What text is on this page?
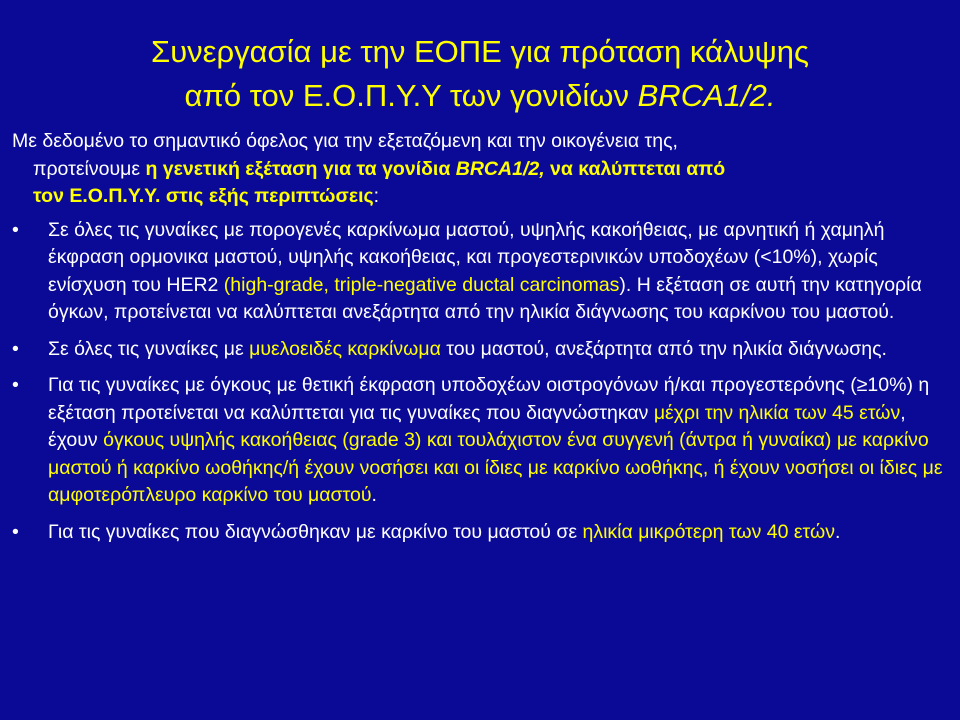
Συνεργασία με την ΕΟΠΕ για πρόταση κάλυψης
από τον Ε.Ο.Π.Υ.Υ των γονιδίων BRCA1/2.
Με δεδομένο το σημαντικό όφελος για την εξεταζόμενη και την οικογένεια της,
προτείνουμε η γενετική εξέταση για τα γονίδια BRCA1/2, να καλύπτεται από
τον Ε.Ο.Π.Υ.Υ. στις εξής περιπτώσεις:
•	Σε όλες τις γυναίκες με πορογενές καρκίνωμα μαστού, υψηλής κακοήθειας, με αρνητική ή χαμηλή έκφραση ορμονικα μαστού, υψηλής κακοήθειας, και προγεστερινικών υποδοχέων (<10%), χωρίς ενίσχυση του HER2 (high-grade, triple-negative ductal carcinomas). Η εξέταση σε αυτή την κατηγορία όγκων, προτείνεται να καλύπτεται ανεξάρτητα από την ηλικία διάγνωσης του καρκίνου του μαστού.
•	Σε όλες τις γυναίκες με μυελοειδές καρκίνωμα του μαστού, ανεξάρτητα από την ηλικία διάγνωσης.
•	Για τις γυναίκες με όγκους με θετική έκφραση υποδοχέων οιστρογόνων ή/και προγεστερόνης (≥10%) η εξέταση προτείνεται να καλύπτεται για τις γυναίκες που διαγνώστηκαν μέχρι την ηλικία των 45 ετών, έχουν όγκους υψηλής κακοήθειας (grade 3) και τουλάχιστον ένα συγγενή (άντρα ή γυναίκα) με καρκίνο μαστού ή καρκίνο ωοθήκης/ή έχουν νοσήσει και οι ίδιες με καρκίνο ωοθήκης, ή έχουν νοσήσει οι ίδιες με αμφοτερόπλευρο καρκίνο του μαστού.
•	Για τις γυναίκες που διαγνώσθηκαν με καρκίνο του μαστού σε ηλικία μικρότερη των 40 ετών.
